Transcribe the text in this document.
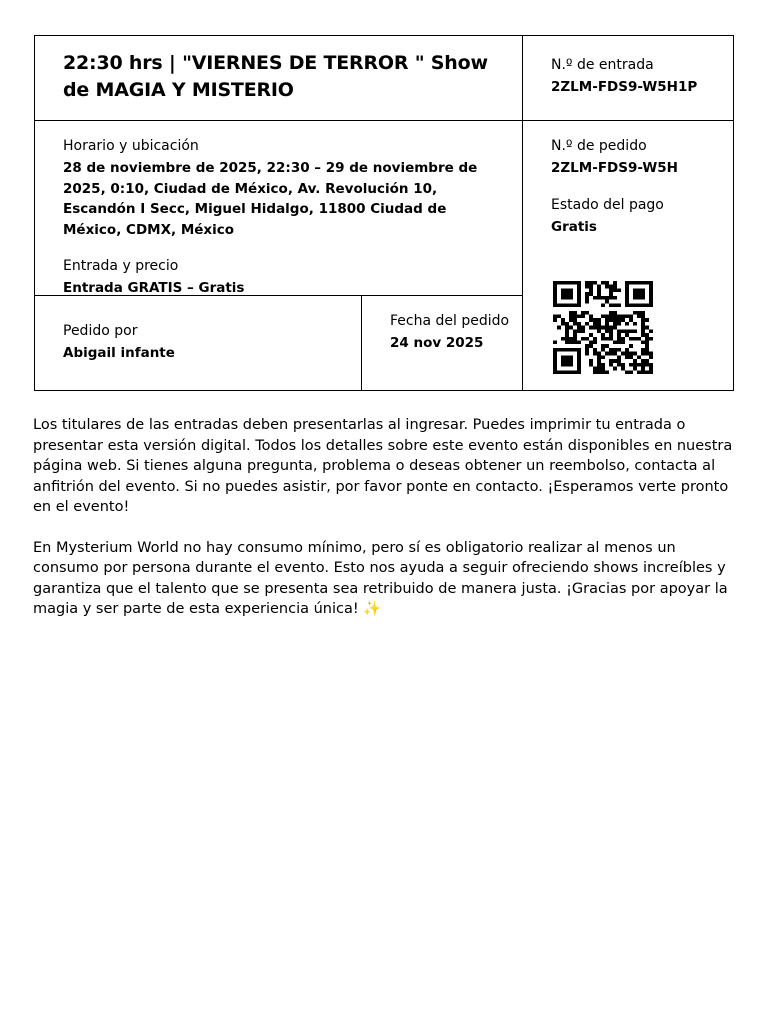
22:30 hrs | "VIERNES DE TERROR " Show de MAGIA Y MISTERIO
N.º de entrada
2ZLM-FDS9-W5H1P
Horario y ubicación
28 de noviembre de 2025, 22:30 – 29 de noviembre de 2025, 0:10, Ciudad de México, Av. Revolución 10, Escandón I Secc, Miguel Hidalgo, 11800 Ciudad de México, CDMX, México
Entrada y precio
Entrada GRATIS – Gratis
N.º de pedido
2ZLM-FDS9-W5H
Estado del pago
Gratis
Pedido por
Abigail infante
Fecha del pedido
24 nov 2025

Los titulares de las entradas deben presentarlas al ingresar. Puedes imprimir tu entrada o presentar esta versión digital. Todos los detalles sobre este evento están disponibles en nuestra página web. Si tienes alguna pregunta, problema o deseas obtener un reembolso, contacta al anfitrión del evento. Si no puedes asistir, por favor ponte en contacto. ¡Esperamos verte pronto en el evento!

En Mysterium World no hay consumo mínimo, pero sí es obligatorio realizar al menos un consumo por persona durante el evento. Esto nos ayuda a seguir ofreciendo shows increíbles y garantiza que el talento que se presenta sea retribuido de manera justa. ¡Gracias por apoyar la magia y ser parte de esta experiencia única! ✨
